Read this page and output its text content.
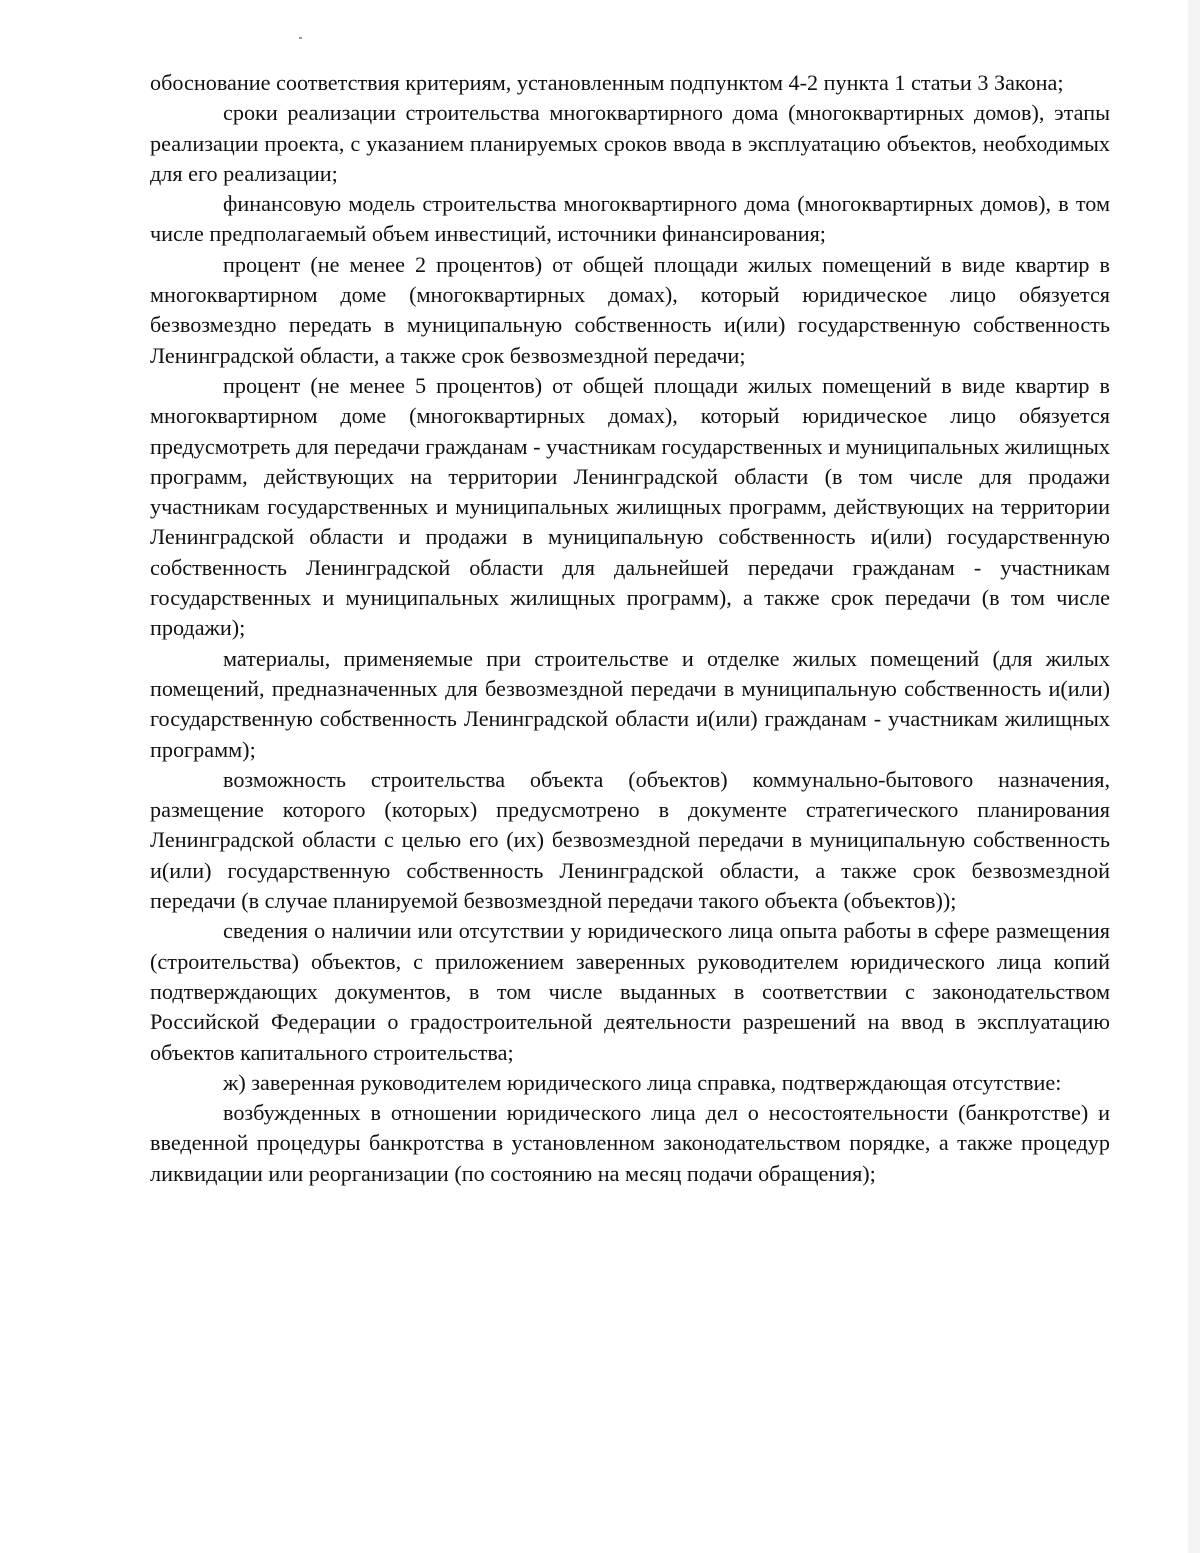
обоснование соответствия критериям, установленным подпунктом 4-2 пункта 1 статьи 3 Закона;

сроки реализации строительства многоквартирного дома (многоквартирных домов), этапы реализации проекта, с указанием планируемых сроков ввода в эксплуатацию объектов, необходимых для его реализации;

финансовую модель строительства многоквартирного дома (многоквартирных домов), в том числе предполагаемый объем инвестиций, источники финансирования;

процент (не менее 2 процентов) от общей площади жилых помещений в виде квартир в многоквартирном доме (многоквартирных домах), который юридическое лицо обязуется безвозмездно передать в муниципальную собственность и(или) государственную собственность Ленинградской области, а также срок безвозмездной передачи;

процент (не менее 5 процентов) от общей площади жилых помещений в виде квартир в многоквартирном доме (многоквартирных домах), который юридическое лицо обязуется предусмотреть для передачи гражданам - участникам государственных и муниципальных жилищных программ, действующих на территории Ленинградской области (в том числе для продажи участникам государственных и муниципальных жилищных программ, действующих на территории Ленинградской области и продажи в муниципальную собственность и(или) государственную собственность Ленинградской области для дальнейшей передачи гражданам - участникам государственных и муниципальных жилищных программ), а также срок передачи (в том числе продажи);

материалы, применяемые при строительстве и отделке жилых помещений (для жилых помещений, предназначенных для безвозмездной передачи в муниципальную собственность и(или) государственную собственность Ленинградской области и(или) гражданам - участникам жилищных программ);

возможность строительства объекта (объектов) коммунально-бытового назначения, размещение которого (которых) предусмотрено в документе стратегического планирования Ленинградской области с целью его (их) безвозмездной передачи в муниципальную собственность и(или) государственную собственность Ленинградской области, а также срок безвозмездной передачи (в случае планируемой безвозмездной передачи такого объекта (объектов));

сведения о наличии или отсутствии у юридического лица опыта работы в сфере размещения (строительства) объектов, с приложением заверенных руководителем юридического лица копий подтверждающих документов, в том числе выданных в соответствии с законодательством Российской Федерации о градостроительной деятельности разрешений на ввод в эксплуатацию объектов капитального строительства;

ж) заверенная руководителем юридического лица справка, подтверждающая отсутствие:

возбужденных в отношении юридического лица дел о несостоятельности (банкротстве) и введенной процедуры банкротства в установленном законодательством порядке, а также процедур ликвидации или реорганизации (по состоянию на месяц подачи обращения);
